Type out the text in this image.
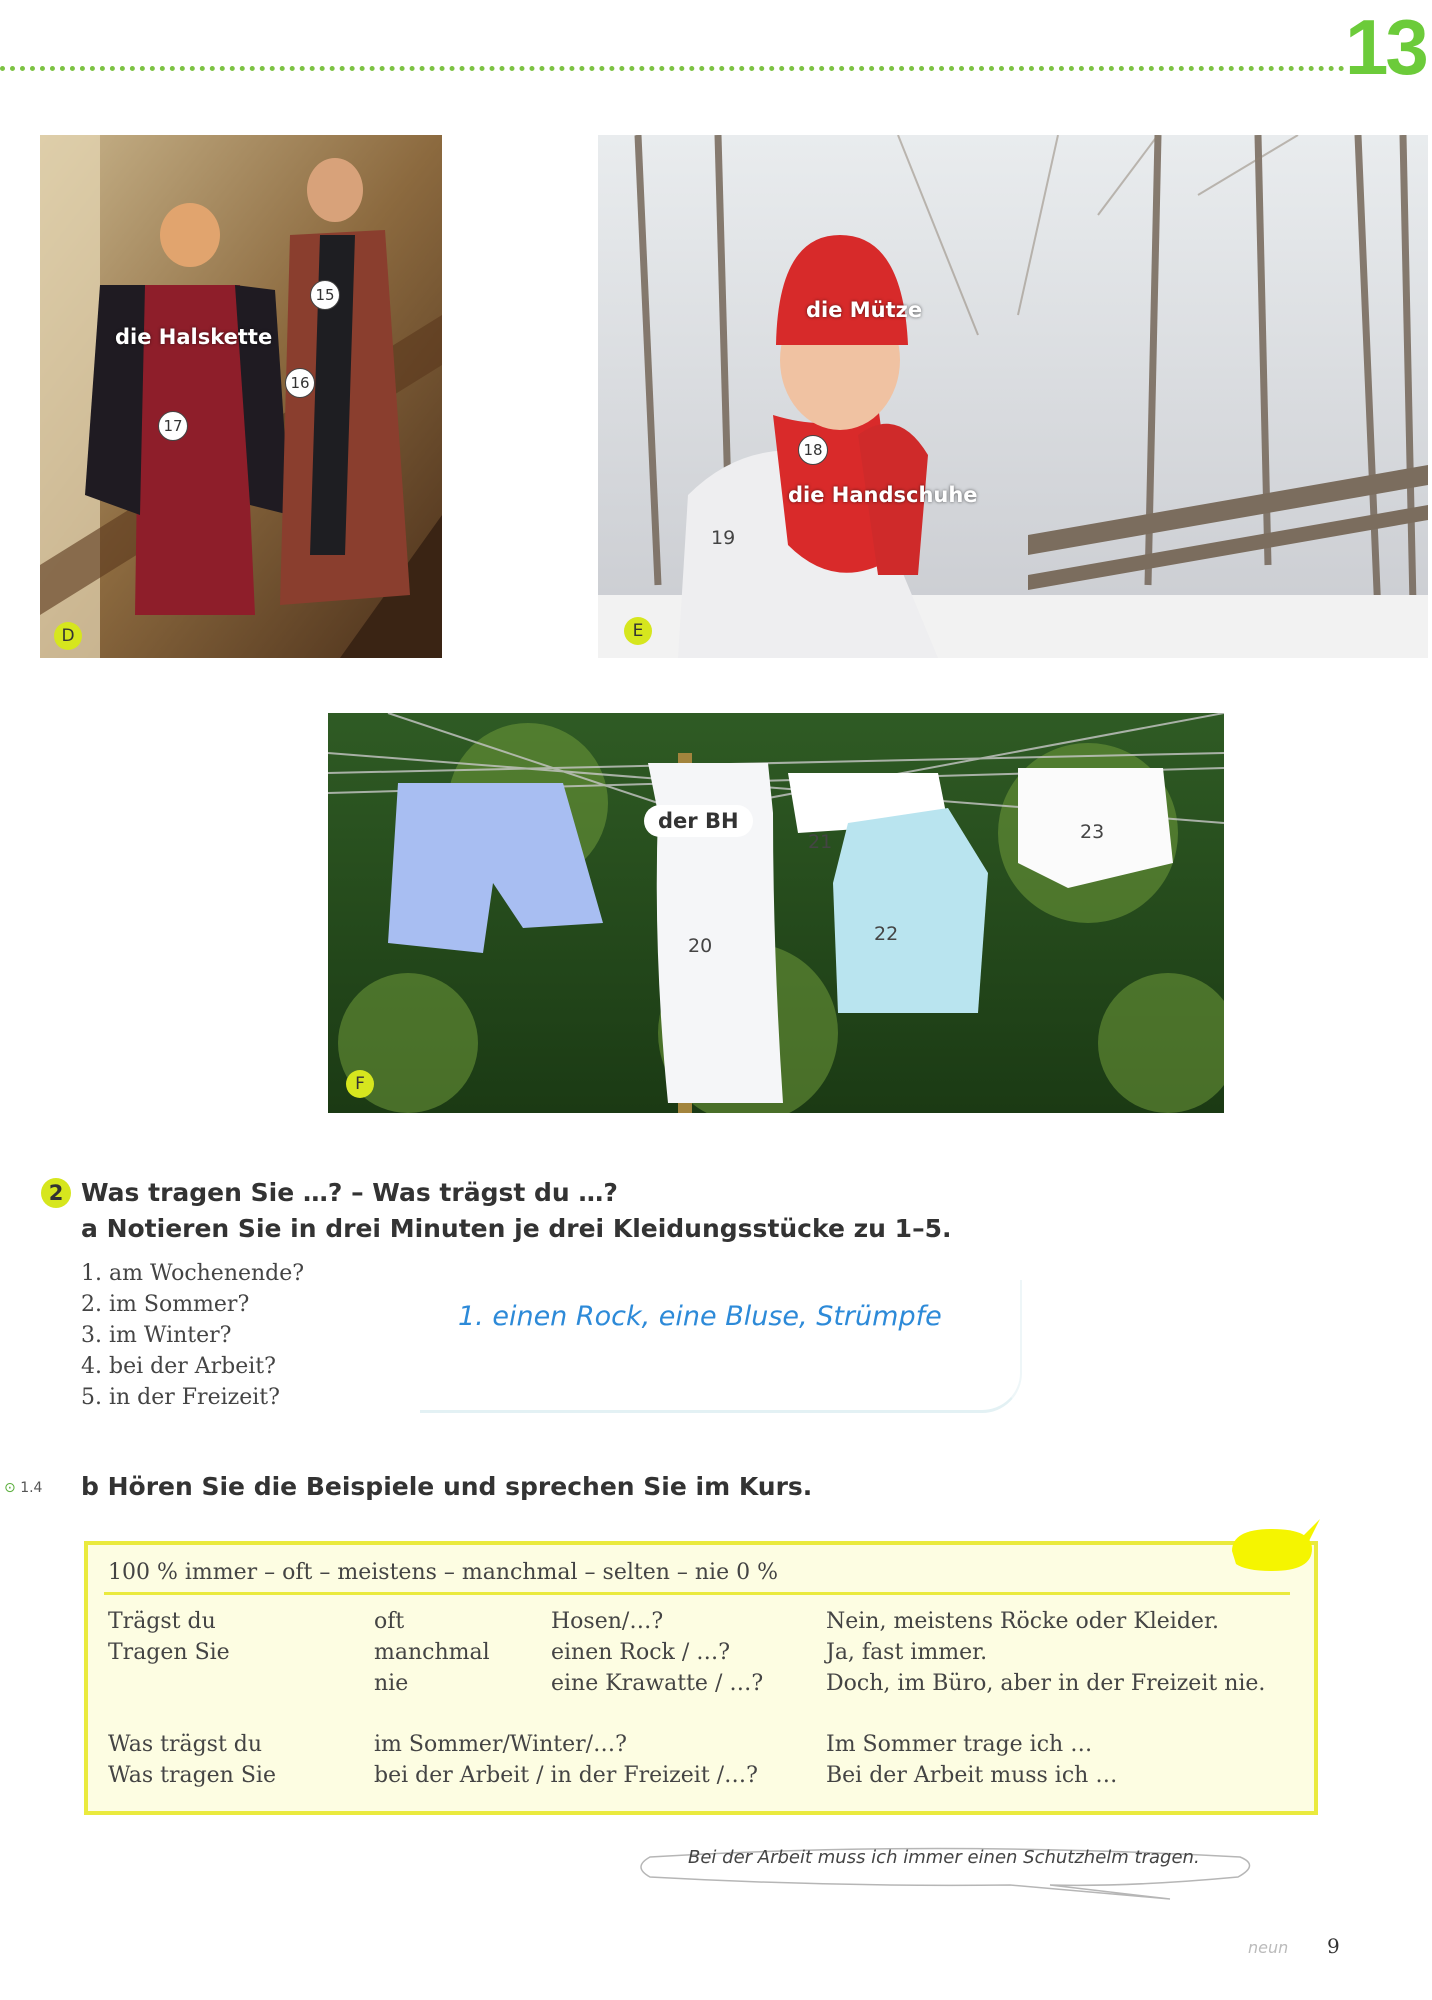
13
die Halskette
15
16
17
D
die Mütze
die Handschuhe
18
19
E
der BH
20
21
22
23
F
2 Was tragen Sie …? – Was trägst du …?
a Notieren Sie in drei Minuten je drei Kleidungsstücke zu 1–5.
1. am Wochenende?
2. im Sommer?
3. im Winter?
4. bei der Arbeit?
5. in der Freizeit?
1. einen Rock, eine Bluse, Strümpfe
⊙ 1.4 b Hören Sie die Beispiele und sprechen Sie im Kurs.
100 % immer – oft – meistens – manchmal – selten – nie 0 %
Trägst du
Tragen Sie
oft
manchmal
nie
Hosen/…?
einen Rock / …?
eine Krawatte / …?
Nein, meistens Röcke oder Kleider.
Ja, fast immer.
Doch, im Büro, aber in der Freizeit nie.
Was trägst du
Was tragen Sie
im Sommer/Winter/…?
bei der Arbeit / in der Freizeit /…?
Im Sommer trage ich …
Bei der Arbeit muss ich …
Bei der Arbeit muss ich immer einen Schutzhelm tragen.
neun 9
